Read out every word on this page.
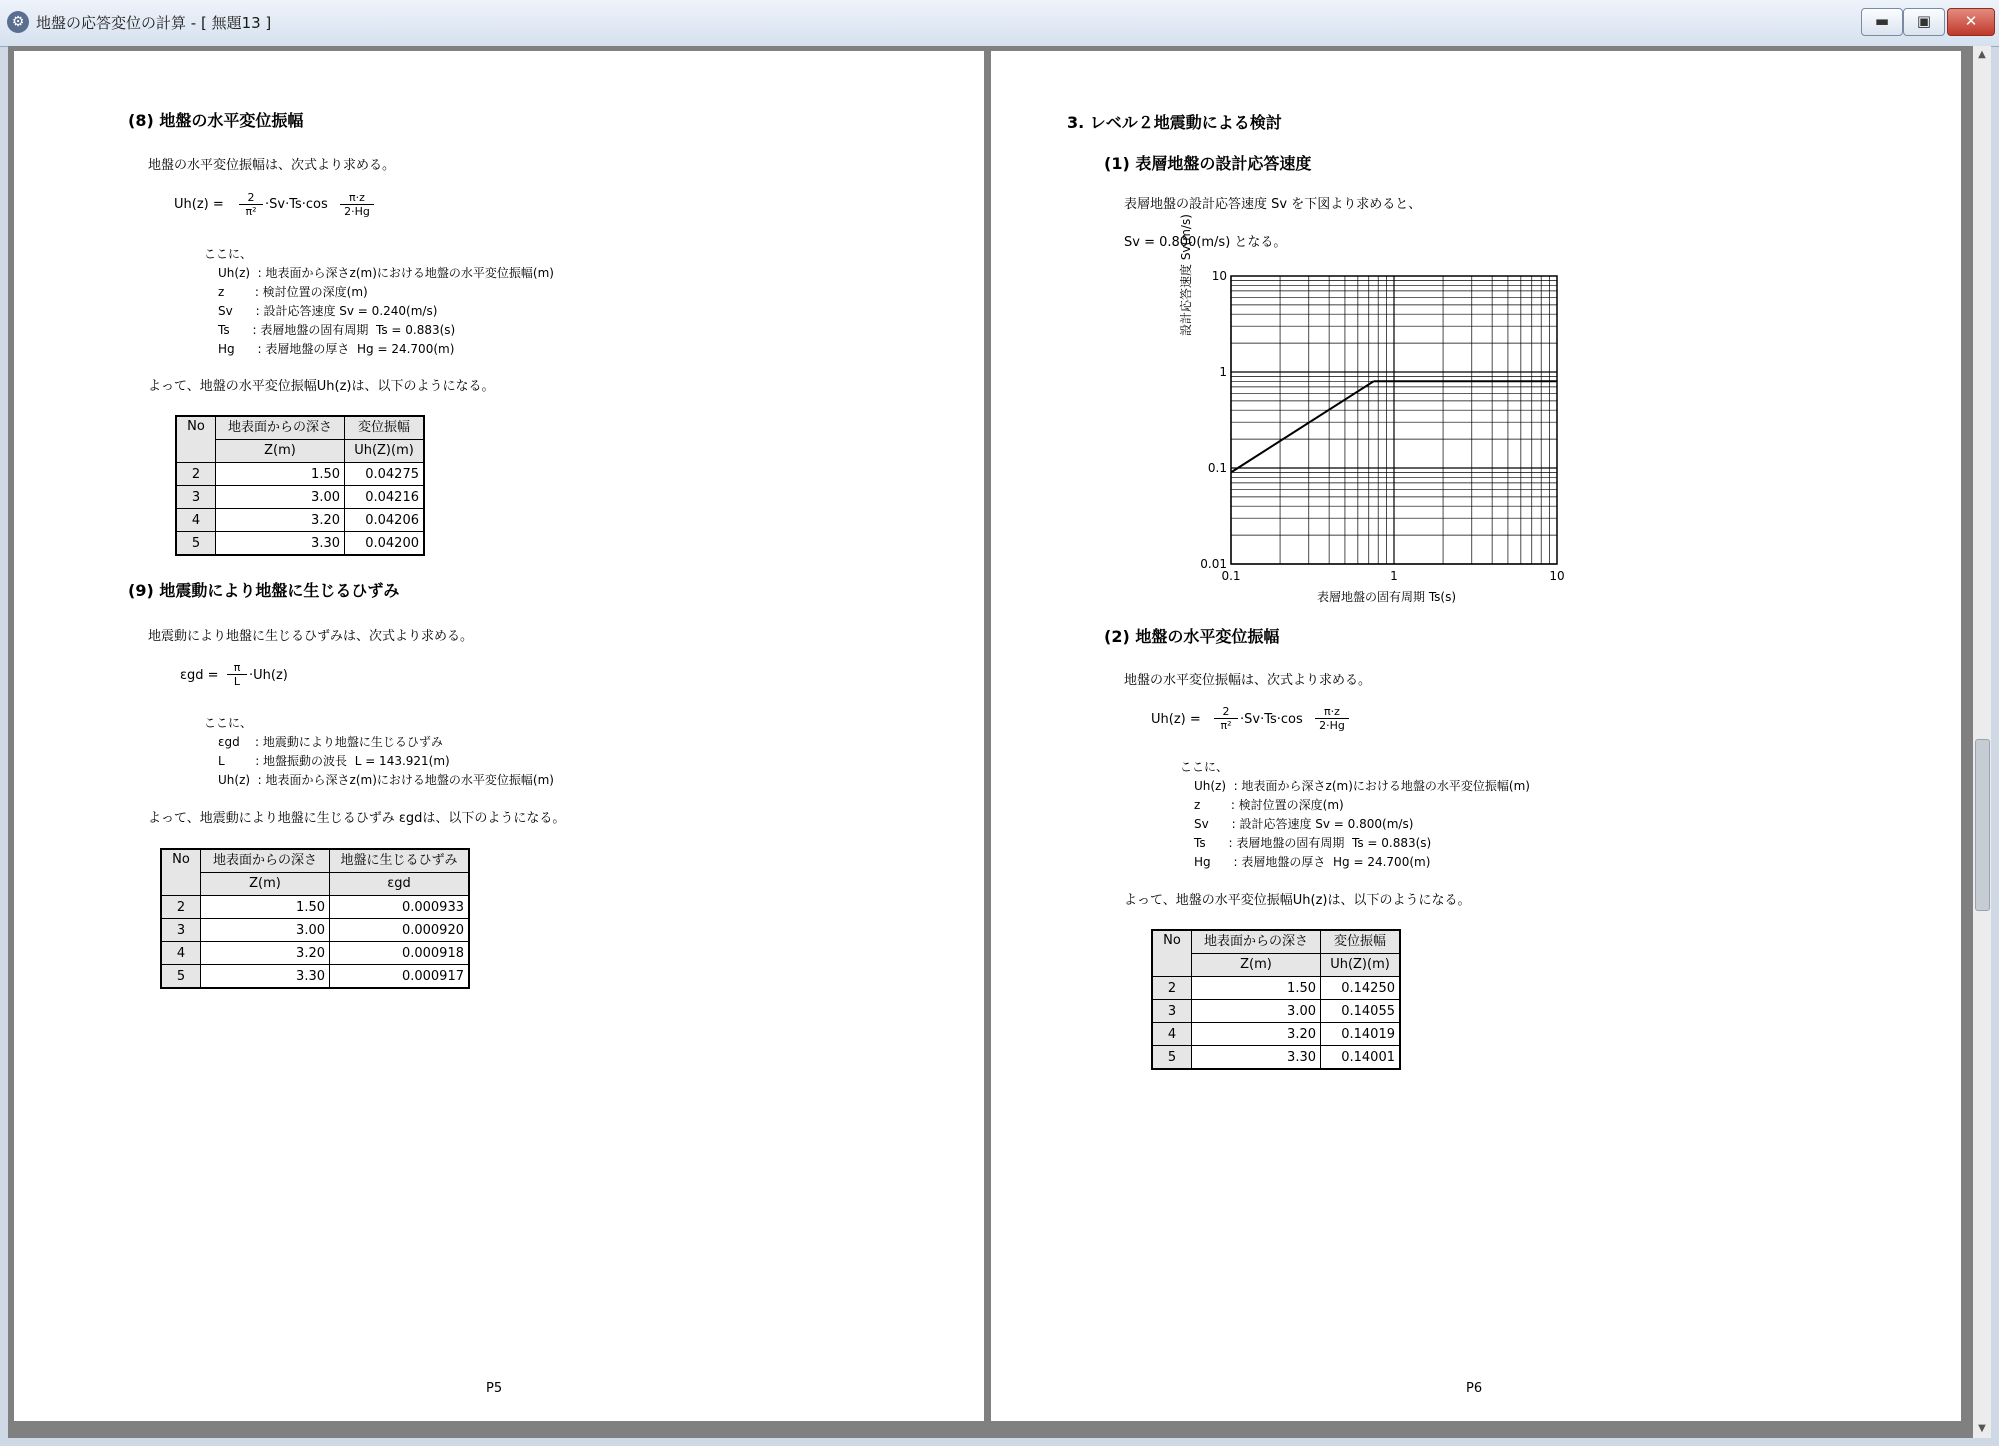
⚙ 地盤の応答変位の計算 - [ 無題13 ]	▬	▣	✕
(8) 地盤の水平変位振幅
地盤の水平変位振幅は、次式より求める。
$Uh(z) = \frac{2}{\text{π²}} \cdot Sv\cdot Ts\cdot\cos \frac{\pi\cdot z}{2\cdot Hg}$
ここに、
Uh(z)  : 地表面から深さz(m)における地盤の水平変位振幅(m)
z        : 検討位置の深度(m)
Sv      : 設計応答速度 Sv = 0.240(m/s)
Ts      : 表層地盤の固有周期  Ts = 0.883(s)
Hg      : 表層地盤の厚さ  Hg = 24.700(m)
よって、地盤の水平変位振幅Uh(z)は、以下のようになる。
No	地表面からの深さ	変位振幅
	Z(m)	Uh(Z)(m)
2	1.50	0.04275
3	3.00	0.04216
4	3.20	0.04206
5	3.30	0.04200
(9) 地震動により地盤に生じるひずみ
地震動により地盤に生じるひずみは、次式より求める。
$\varepsilon gd = \frac{\pi}{L} \cdot Uh(z)$
ここに、
εgd    : 地震動により地盤に生じるひずみ
L        : 地盤振動の波長  L = 143.921(m)
Uh(z)  : 地表面から深さz(m)における地盤の水平変位振幅(m)
よって、地震動により地盤に生じるひずみ εgdは、以下のようになる。
No	地表面からの深さ	地盤に生じるひずみ
	Z(m)	εgd
2	1.50	0.000933
3	3.00	0.000920
4	3.20	0.000918
5	3.30	0.000917
P5
3. レベル２地震動による検討
(1) 表層地盤の設計応答速度
表層地盤の設計応答速度 Sv を下図より求めると、
Sv = 0.800(m/s) となる。
10
1
0.1
0.01
0.1	1	10
設計応答速度 Sv(m/s)
表層地盤の固有周期 Ts(s)
(2) 地盤の水平変位振幅
地盤の水平変位振幅は、次式より求める。
$Uh(z) = \frac{2}{\text{π²}} \cdot Sv\cdot Ts\cdot\cos \frac{\pi\cdot z}{2\cdot Hg}$
ここに、
Uh(z)  : 地表面から深さz(m)における地盤の水平変位振幅(m)
z        : 検討位置の深度(m)
Sv      : 設計応答速度 Sv = 0.800(m/s)
Ts      : 表層地盤の固有周期  Ts = 0.883(s)
Hg      : 表層地盤の厚さ  Hg = 24.700(m)
よって、地盤の水平変位振幅Uh(z)は、以下のようになる。
No	地表面からの深さ	変位振幅
	Z(m)	Uh(Z)(m)
2	1.50	0.14250
3	3.00	0.14055
4	3.20	0.14019
5	3.30	0.14001
P6
▲
▼
